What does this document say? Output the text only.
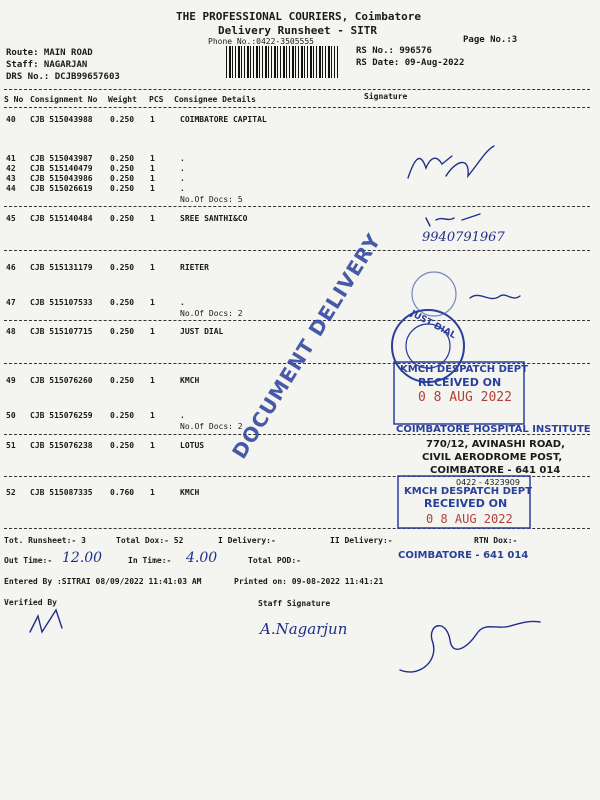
THE PROFESSIONAL COURIERS, Coimbatore
Delivery Runsheet - SITR
Phone No.:0422-3505555	Page No.:3
Route: MAIN ROAD
Staff: NAGARJAN
DRS No.: DCJB99657603
RS No.: 996576
RS Date: 09-Aug-2022
S No Consignment No Weight PCS Consignee Details	Signature
40 CJB 515043988 0.250 1	COIMBATORE CAPITAL
41 CJB 515043987 0.250 1	.
42 CJB 515140479 0.250 1	.
43 CJB 515043986 0.250 1	.
44 CJB 515026619 0.250 1	.
No.Of Docs: 5
45 CJB 515140484 0.250 1	SREE SANTHI&CO
46 CJB 515131179 0.250 1	RIETER
47 CJB 515107533 0.250 1	.
No.Of Docs: 2
48 CJB 515107715 0.250 1	JUST DIAL
49 CJB 515076260 0.250 1	KMCH
50 CJB 515076259 0.250 1	.
No.Of Docs: 2
51 CJB 515076238 0.250 1	LOTUS
52 CJB 515087335 0.760 1	KMCH
Tot. Runsheet:- 3	Total Dox:- 52	I Delivery:-	II Delivery:-	RTN Dox:-
Out Time:- 12.00	In Time:- 4.00	Total POD:-
Entered By :SITRAI 08/09/2022 11:41:03 AM	Printed on: 09-08-2022 11:41:21
Verified By	Staff Signature
A.Nagarjun
9940791967
DOCUMENT DELIVERY	JUST DIAL
KMCH DESPATCH DEPT
RECEIVED ON
0 8 AUG 2022
COIMBATORE HOSPITAL INSTITUTE
770/12, AVINASHI ROAD,
CIVIL AERODROME POST,
COIMBATORE - 641 014
0422 - 4323909
KMCH DESPATCH DEPT
RECEIVED ON
0 8 AUG 2022
COIMBATORE - 641 014
